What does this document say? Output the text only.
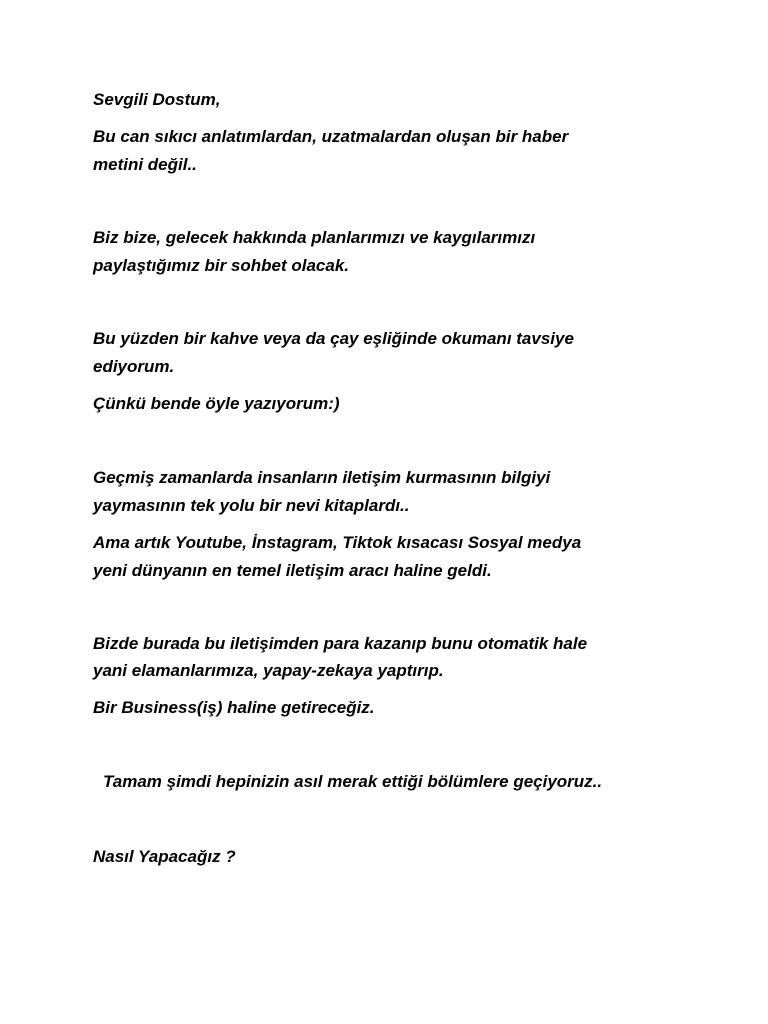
Sevgili Dostum,

Bu can sıkıcı anlatımlardan, uzatmalardan oluşan bir haber

metini değil..

Biz bize, gelecek hakkında planlarımızı ve kaygılarımızı

paylaştığımız bir sohbet olacak.

Bu yüzden bir kahve veya da çay eşliğinde okumanı tavsiye

ediyorum.

Çünkü bende öyle yazıyorum:)

Geçmiş zamanlarda insanların iletişim kurmasının bilgiyi

yaymasının tek yolu bir nevi kitaplardı..

Ama artık Youtube, İnstagram, Tiktok kısacası Sosyal medya

yeni dünyanın en temel iletişim aracı haline geldi.

Bizde burada bu iletişimden para kazanıp bunu otomatik hale

yani elamanlarımıza, yapay-zekaya yaptırıp.

Bir Business(iş) haline getireceğiz.

Tamam şimdi hepinizin asıl merak ettiği bölümlere geçiyoruz..

Nasıl Yapacağız ?
